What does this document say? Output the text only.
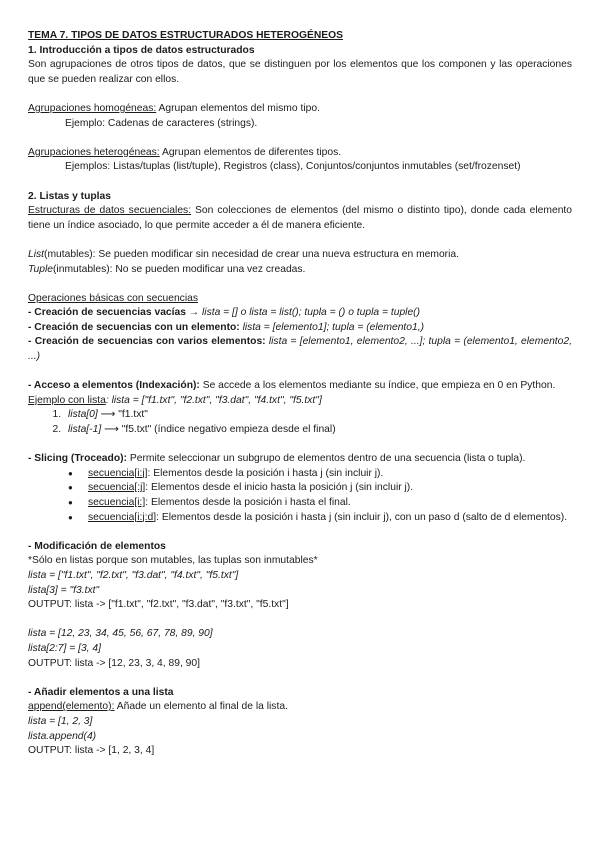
TEMA 7. TIPOS DE DATOS ESTRUCTURADOS HETEROGÉNEOS

1. Introducción a tipos de datos estructurados

Son agrupaciones de otros tipos de datos, que se distinguen por los elementos que los componen y las operaciones que se pueden realizar con ellos.

Agrupaciones homogéneas: Agrupan elementos del mismo tipo.

Ejemplo: Cadenas de caracteres (strings).

Agrupaciones heterogéneas: Agrupan elementos de diferentes tipos.

Ejemplos: Listas/tuplas (list/tuple), Registros (class), Conjuntos/conjuntos inmutables (set/frozenset)

2. Listas y tuplas

Estructuras de datos secuenciales: Son colecciones de elementos (del mismo o distinto tipo), donde cada elemento tiene un índice asociado, lo que permite acceder a él de manera eficiente.

List(mutables): Se pueden modificar sin necesidad de crear una nueva estructura en memoria.

Tuple(inmutables): No se pueden modificar una vez creadas.

Operaciones básicas con secuencias

- Creación de secuencias vacías → lista = [] o lista = list(); tupla = () o tupla = tuple()

- Creación de secuencias con un elemento: lista = [elemento1]; tupla = (elemento1,)

- Creación de secuencias con varios elementos: lista = [elemento1, elemento2, ...]; tupla = (elemento1, elemento2, ...)

- Acceso a elementos (Indexación): Se accede a los elementos mediante su índice, que empieza en 0 en Python.

Ejemplo con lista: lista = ["f1.txt", "f2.txt", "f3.dat", "f4.txt", "f5.txt"]

1. lista[0] ⟶ "f1.txt"
2. lista[-1] ⟶ "f5.txt" (índice negativo empieza desde el final)

- Slicing (Troceado): Permite seleccionar un subgrupo de elementos dentro de una secuencia (lista o tupla).

● secuencia[i:j]: Elementos desde la posición i hasta j (sin incluir j).
● secuencia[:j]: Elementos desde el inicio hasta la posición j (sin incluir j).
● secuencia[i:]: Elementos desde la posición i hasta el final.
● secuencia[i:j:d]: Elementos desde la posición i hasta j (sin incluir j), con un paso d (salto de d elementos).

- Modificación de elementos

*Sólo en listas porque son mutables, las tuplas son inmutables*

lista = ["f1.txt", "f2.txt", "f3.dat", "f4.txt", "f5.txt"]

lista[3] = "f3.txt"

OUTPUT: lista -> ["f1.txt", "f2.txt", "f3.dat", "f3.txt", "f5.txt"]

lista = [12, 23, 34, 45, 56, 67, 78, 89, 90]

lista[2:7] = [3, 4]

OUTPUT: lista -> [12, 23, 3, 4, 89, 90]

- Añadir elementos a una lista

append(elemento): Añade un elemento al final de la lista.

lista = [1, 2, 3]

lista.append(4)

OUTPUT: lista -> [1, 2, 3, 4]
